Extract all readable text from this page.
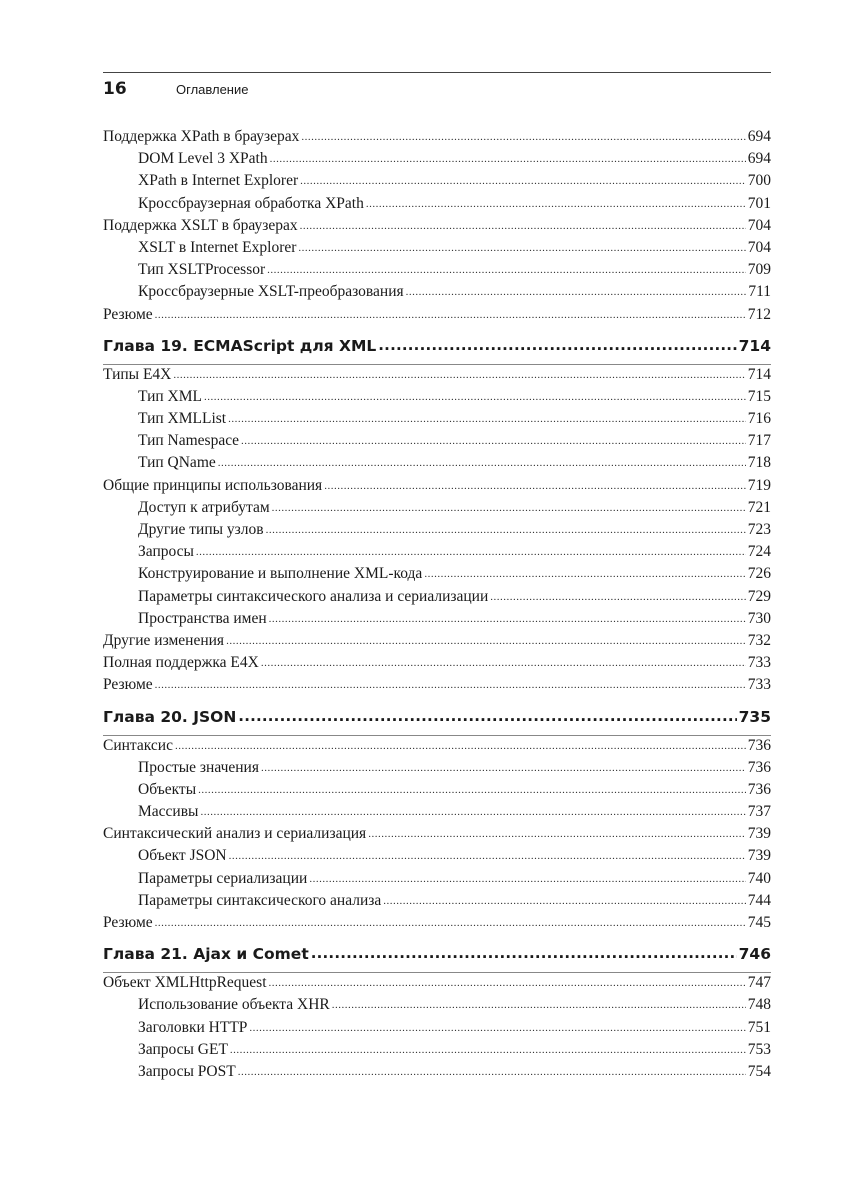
16	Оглавление
Поддержка XPath в браузерах .....	694
DOM Level 3 XPath .....	694
XPath в Internet Explorer .....	700
Кроссбраузерная обработка XPath .....	701
Поддержка XSLT в браузерах .....	704
XSLT в Internet Explorer .....	704
Тип XSLTProcessor .....	709
Кроссбраузерные XSLT-преобразования .....	711
Резюме .....	712
Глава 19. ECMAScript для XML .....	714
Типы E4X .....	714
Тип XML .....	715
Тип XMLList .....	716
Тип Namespace .....	717
Тип QName .....	718
Общие принципы использования .....	719
Доступ к атрибутам .....	721
Другие типы узлов .....	723
Запросы .....	724
Конструирование и выполнение XML-кода .....	726
Параметры синтаксического анализа и сериализации .....	729
Пространства имен .....	730
Другие изменения .....	732
Полная поддержка E4X .....	733
Резюме .....	733
Глава 20. JSON .....	735
Синтаксис .....	736
Простые значения .....	736
Объекты .....	736
Массивы .....	737
Синтаксический анализ и сериализация .....	739
Объект JSON .....	739
Параметры сериализации .....	740
Параметры синтаксического анализа .....	744
Резюме .....	745
Глава 21. Ajax и Comet .....	746
Объект XMLHttpRequest .....	747
Использование объекта XHR .....	748
Заголовки HTTP .....	751
Запросы GET .....	753
Запросы POST .....	754
